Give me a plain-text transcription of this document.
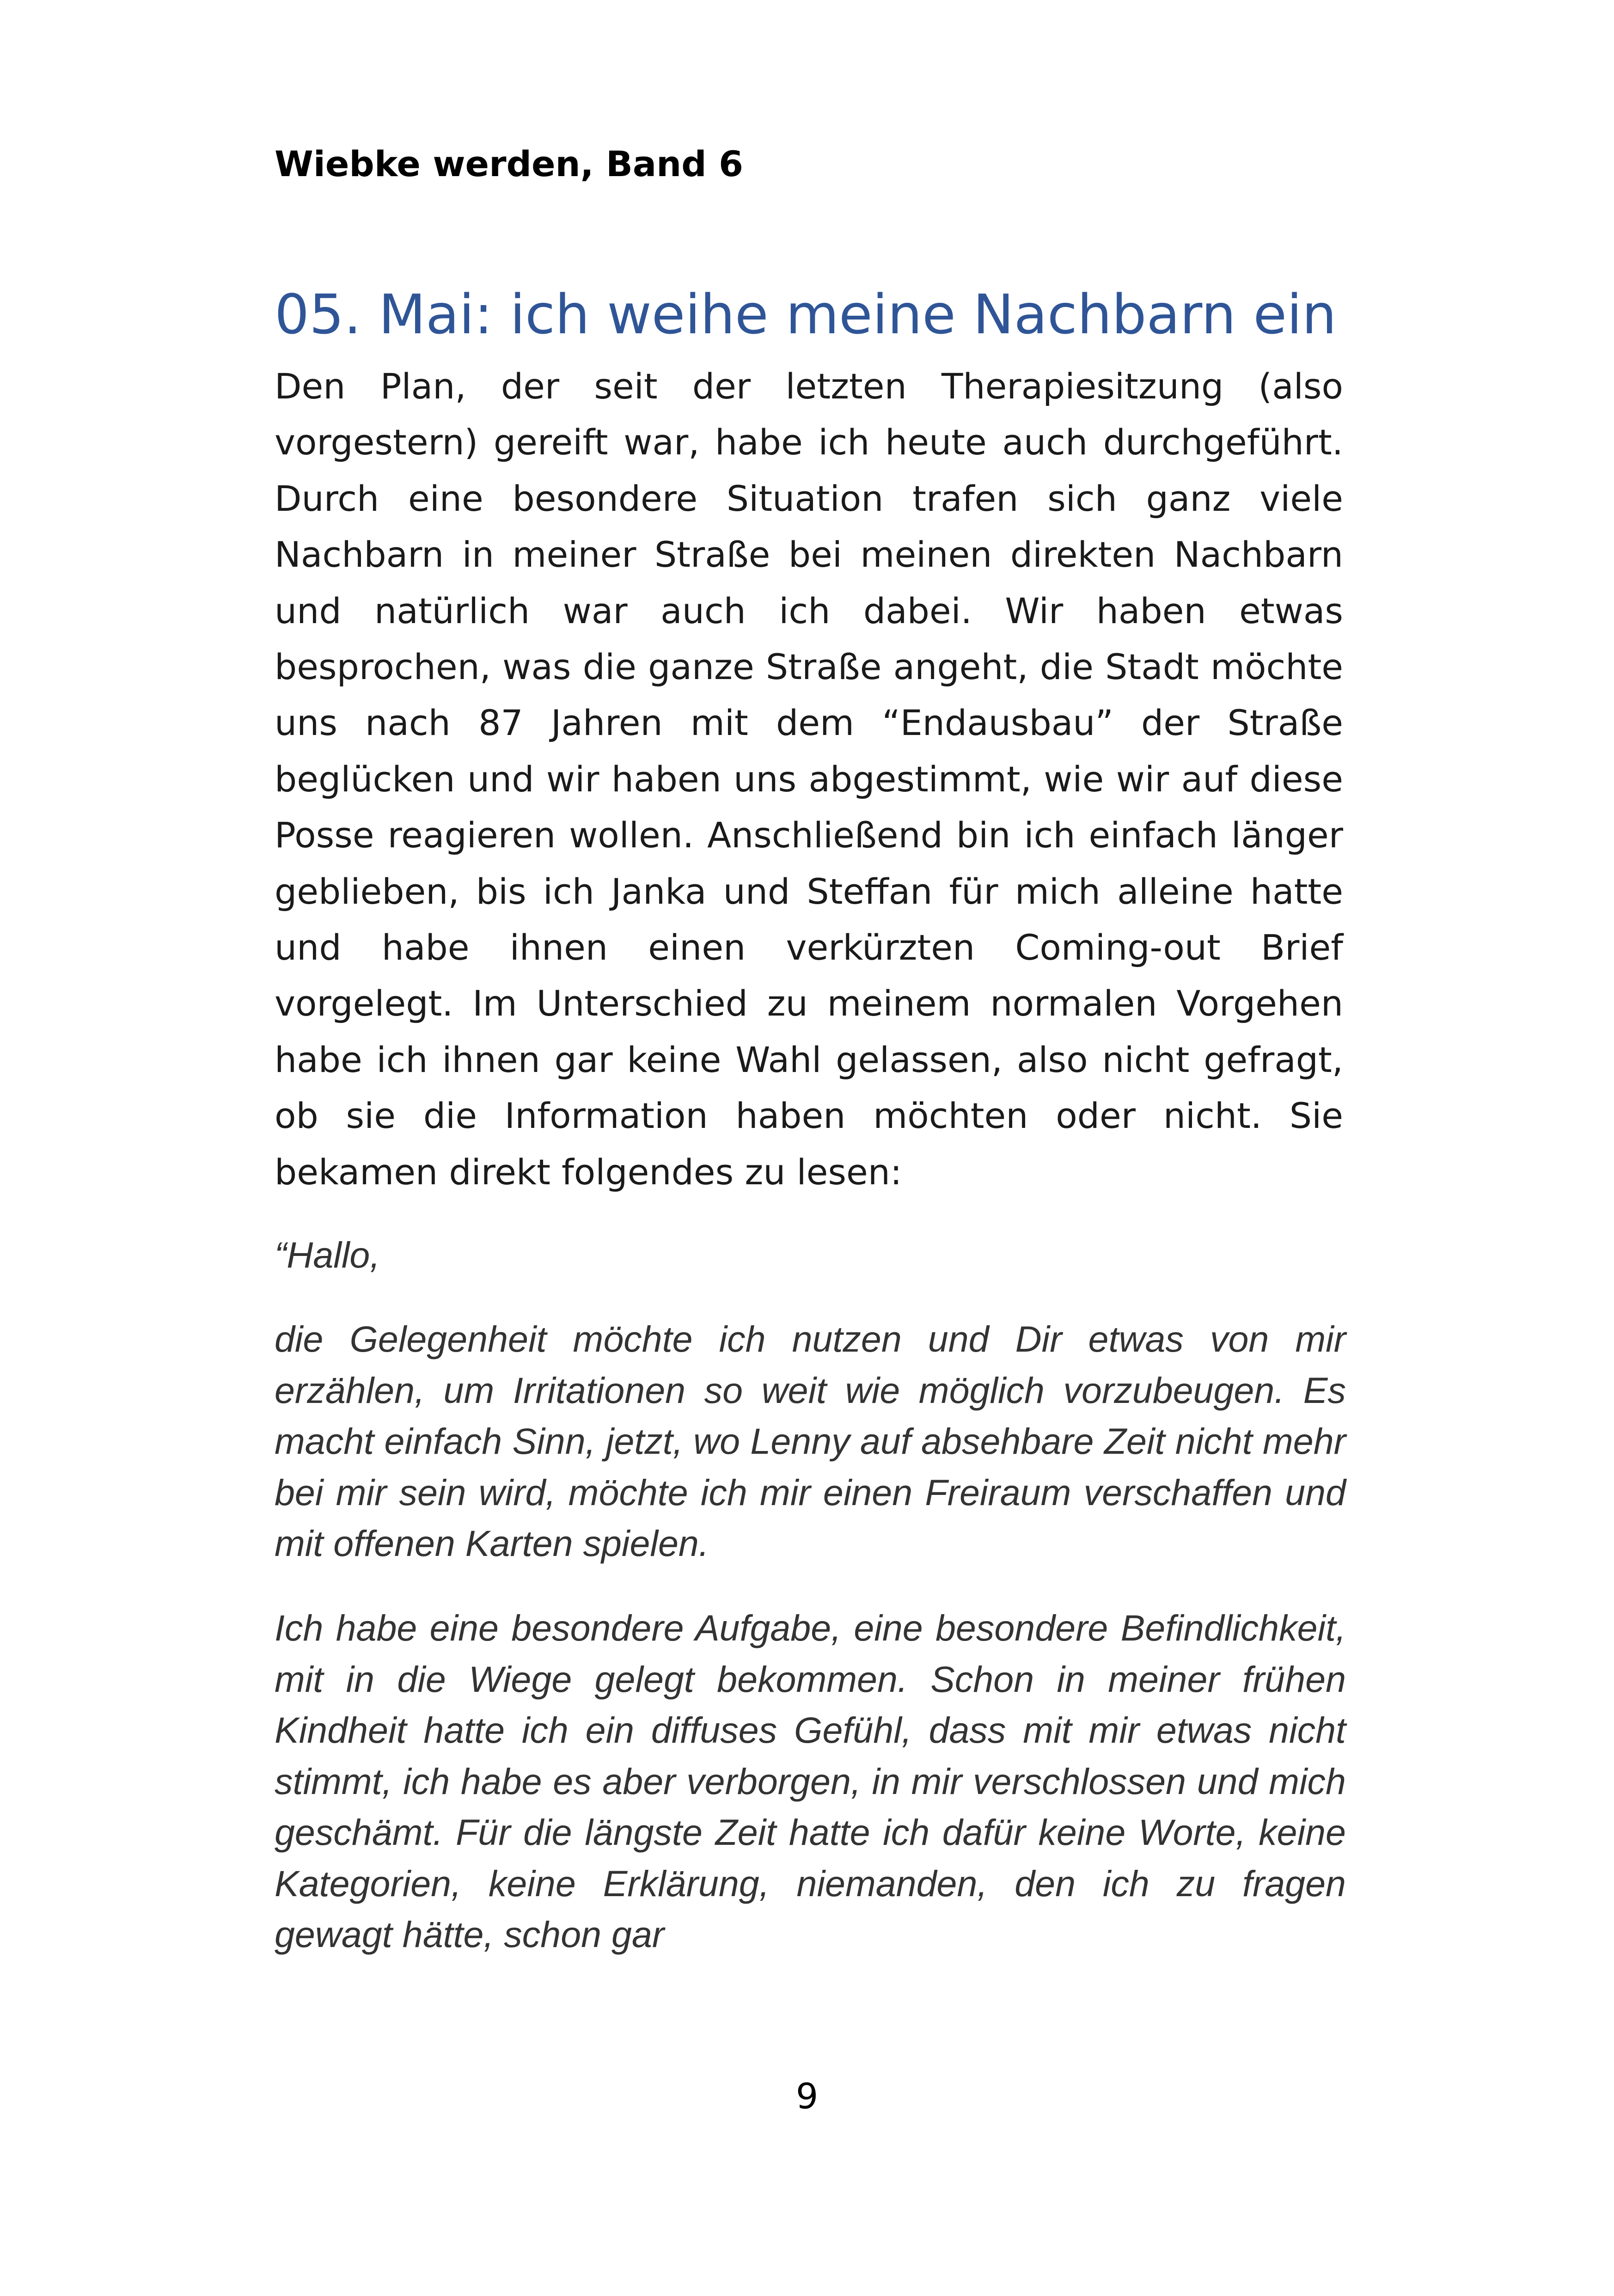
Wiebke werden, Band 6

05. Mai: ich weihe meine Nachbarn ein

Den Plan, der seit der letzten Therapiesitzung (also vorgestern) gereift war, habe ich heute auch durchgeführt. Durch eine besondere Situation trafen sich ganz viele Nachbarn in meiner Straße bei meinen direkten Nachbarn und natürlich war auch ich dabei. Wir haben etwas besprochen, was die ganze Straße angeht, die Stadt möchte uns nach 87 Jahren mit dem “Endausbau” der Straße beglücken und wir haben uns abgestimmt, wie wir auf diese Posse reagieren wollen. Anschließend bin ich einfach länger geblieben, bis ich Janka und Steffan für mich alleine hatte und habe ihnen einen verkürzten Coming-out Brief vorgelegt. Im Unterschied zu meinem normalen Vorgehen habe ich ihnen gar keine Wahl gelassen, also nicht gefragt, ob sie die Information haben möchten oder nicht. Sie bekamen direkt folgendes zu lesen:

“Hallo,

die Gelegenheit möchte ich nutzen und Dir etwas von mir erzählen, um Irritationen so weit wie möglich vorzubeugen. Es macht einfach Sinn, jetzt, wo Lenny auf absehbare Zeit nicht mehr bei mir sein wird, möchte ich mir einen Freiraum verschaffen und mit offenen Karten spielen.

Ich habe eine besondere Aufgabe, eine besondere Befindlichkeit, mit in die Wiege gelegt bekommen. Schon in meiner frühen Kindheit hatte ich ein diffuses Gefühl, dass mit mir etwas nicht stimmt, ich habe es aber verborgen, in mir verschlossen und mich geschämt. Für die längste Zeit hatte ich dafür keine Worte, keine Kategorien, keine Erklärung, niemanden, den ich zu fragen gewagt hätte, schon gar

9
